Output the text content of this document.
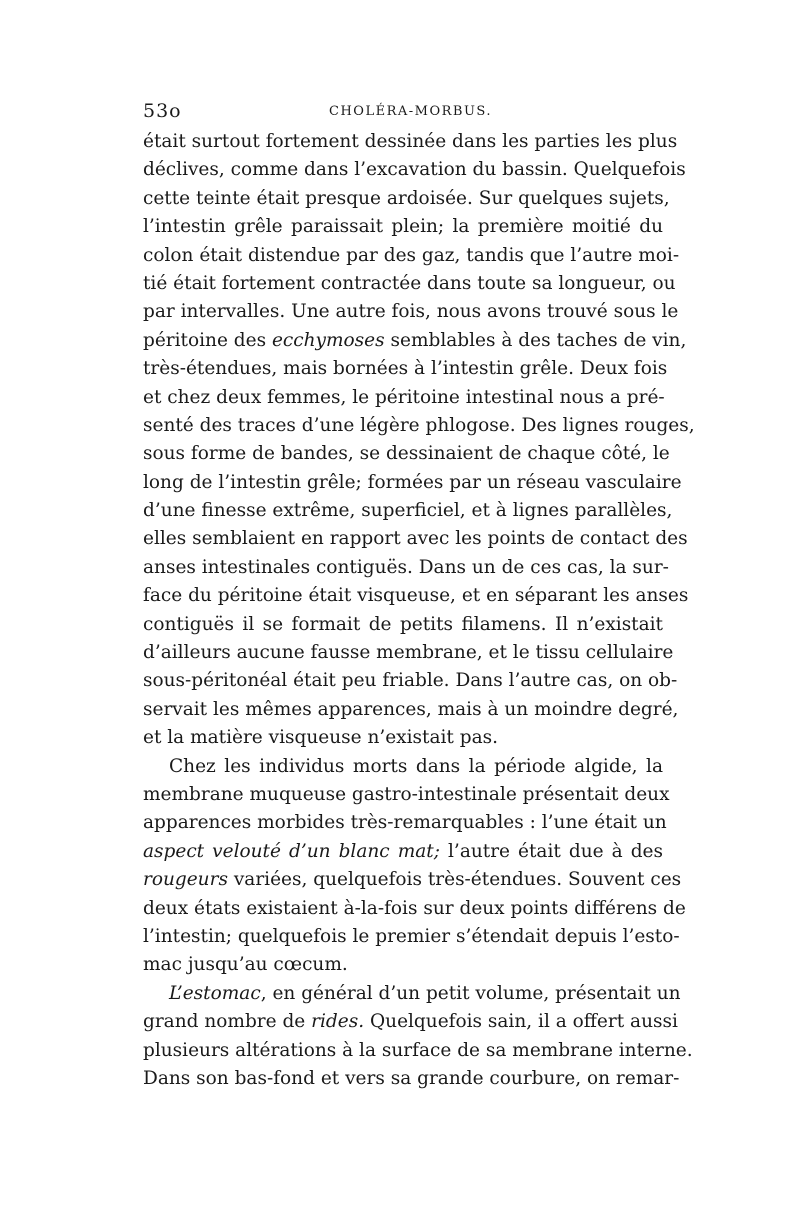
53o	CHOLÉRA-MORBUS.
était surtout fortement dessinée dans les parties les plus
déclives, comme dans l’excavation du bassin. Quelquefois
cette teinte était presque ardoisée. Sur quelques sujets,
l’intestin grêle paraissait plein; la première moitié du
colon était distendue par des gaz, tandis que l’autre moi-
tié était fortement contractée dans toute sa longueur, ou
par intervalles. Une autre fois, nous avons trouvé sous le
péritoine des ecchymoses semblables à des taches de vin,
très-étendues, mais bornées à l’intestin grêle. Deux fois
et chez deux femmes, le péritoine intestinal nous a pré-
senté des traces d’une légère phlogose. Des lignes rouges,
sous forme de bandes, se dessinaient de chaque côté, le
long de l’intestin grêle; formées par un réseau vasculaire
d’une finesse extrême, superficiel, et à lignes parallèles,
elles semblaient en rapport avec les points de contact des
anses intestinales contiguës. Dans un de ces cas, la sur-
face du péritoine était visqueuse, et en séparant les anses
contiguës il se formait de petits filamens. Il n’existait
d’ailleurs aucune fausse membrane, et le tissu cellulaire
sous-péritonéal était peu friable. Dans l’autre cas, on ob-
servait les mêmes apparences, mais à un moindre degré,
et la matière visqueuse n’existait pas.
Chez les individus morts dans la période algide, la
membrane muqueuse gastro-intestinale présentait deux
apparences morbides très-remarquables : l’une était un
aspect velouté d’un blanc mat; l’autre était due à des
rougeurs variées, quelquefois très-étendues. Souvent ces
deux états existaient à-la-fois sur deux points différens de
l’intestin; quelquefois le premier s’étendait depuis l’esto-
mac jusqu’au cœcum.
L’estomac, en général d’un petit volume, présentait un
grand nombre de rides. Quelquefois sain, il a offert aussi
plusieurs altérations à la surface de sa membrane interne.
Dans son bas-fond et vers sa grande courbure, on remar-
